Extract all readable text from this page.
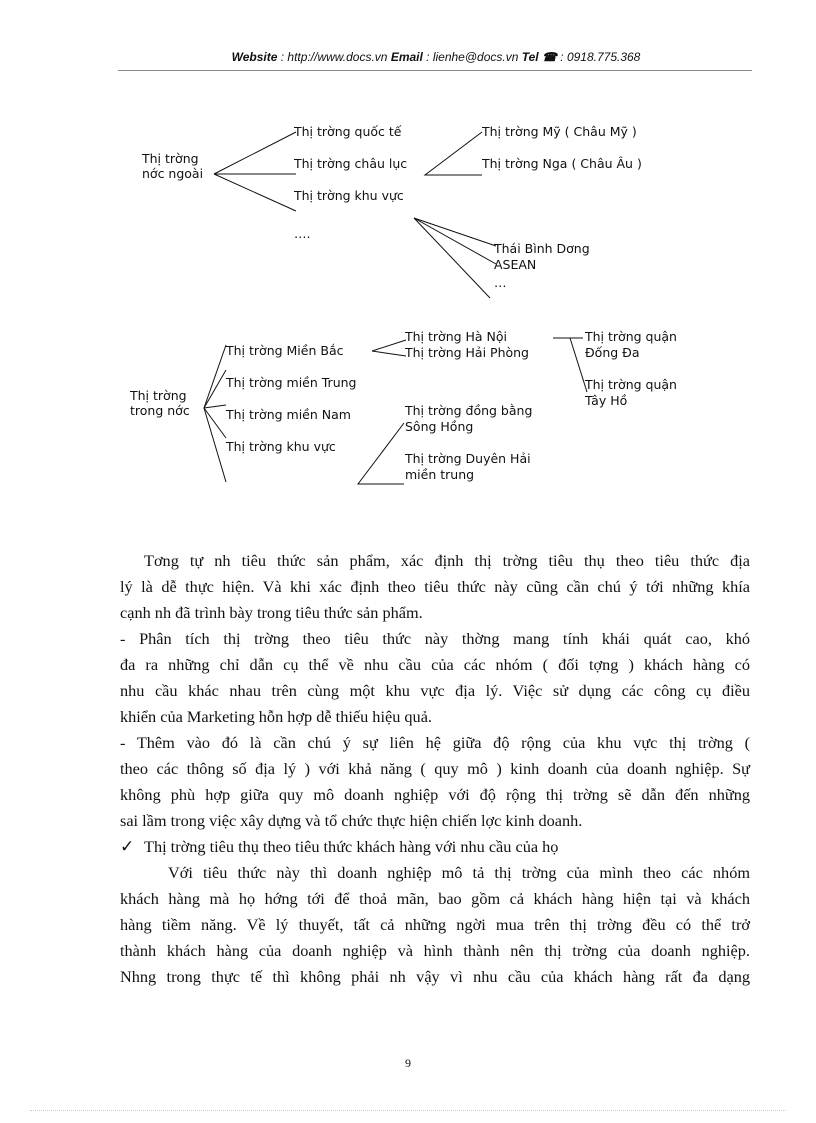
Website : http://www.docs.vn Email : lienhe@docs.vn Tel ☎ : 0918.775.368
Thị trờng
nớc ngoài
Thị trờng quốc tế
Thị trờng châu lục
Thị trờng khu vực
….
Thị trờng Mỹ ( Châu Mỹ )
Thị trờng Nga ( Châu Âu )
Thái Bình Dơng
ASEAN
…
Thị trờng
trong nớc
Thị trờng Miền Bắc
Thị trờng miền Trung
Thị trờng miền Nam
Thị trờng khu vực
Thị trờng Hà Nội
Thị trờng Hải Phòng
Thị trờng quận
Đống Đa
Thị trờng quận
Tây Hồ
Thị trờng đồng bằng
Sông Hồng
Thị trờng Duyên Hải
miền trung
Tơng tự nh tiêu thức sản phẩm, xác định thị trờng tiêu thụ theo tiêu thức địa
lý là dễ thực hiện. Và khi xác định theo tiêu thức này cũng cần chú ý tới những khía
cạnh nh đã trình bày trong tiêu thức sản phẩm.
- Phân tích thị trờng theo tiêu thức này thờng mang tính khái quát cao, khó
đa ra những chỉ dẫn cụ thể về nhu cầu của các nhóm ( đối tợng ) khách hàng có
nhu cầu khác nhau trên cùng một khu vực địa lý. Việc sử dụng các công cụ điều
khiển của Marketing hỗn hợp dễ thiếu hiệu quả.
- Thêm vào đó là cần chú ý sự liên hệ giữa độ rộng của khu vực thị trờng (
theo các thông số địa lý ) với khả năng ( quy mô ) kinh doanh của doanh nghiệp. Sự
không phù hợp giữa quy mô doanh nghiệp với độ rộng thị trờng sẽ dẫn đến những
sai lầm trong việc xây dựng và tổ chức thực hiện chiến lợc kinh doanh.
✓ Thị trờng tiêu thụ theo tiêu thức khách hàng với nhu cầu của họ
Với tiêu thức này thì doanh nghiệp mô tả thị trờng của mình theo các nhóm
khách hàng mà họ hớng tới để thoả mãn, bao gồm cả khách hàng hiện tại và khách
hàng tiềm năng. Về lý thuyết, tất cả những ngời mua trên thị trờng đều có thể trở
thành khách hàng của doanh nghiệp và hình thành nên thị trờng của doanh nghiệp.
Nhng trong thực tế thì không phải nh vậy vì nhu cầu của khách hàng rất đa dạng
9
